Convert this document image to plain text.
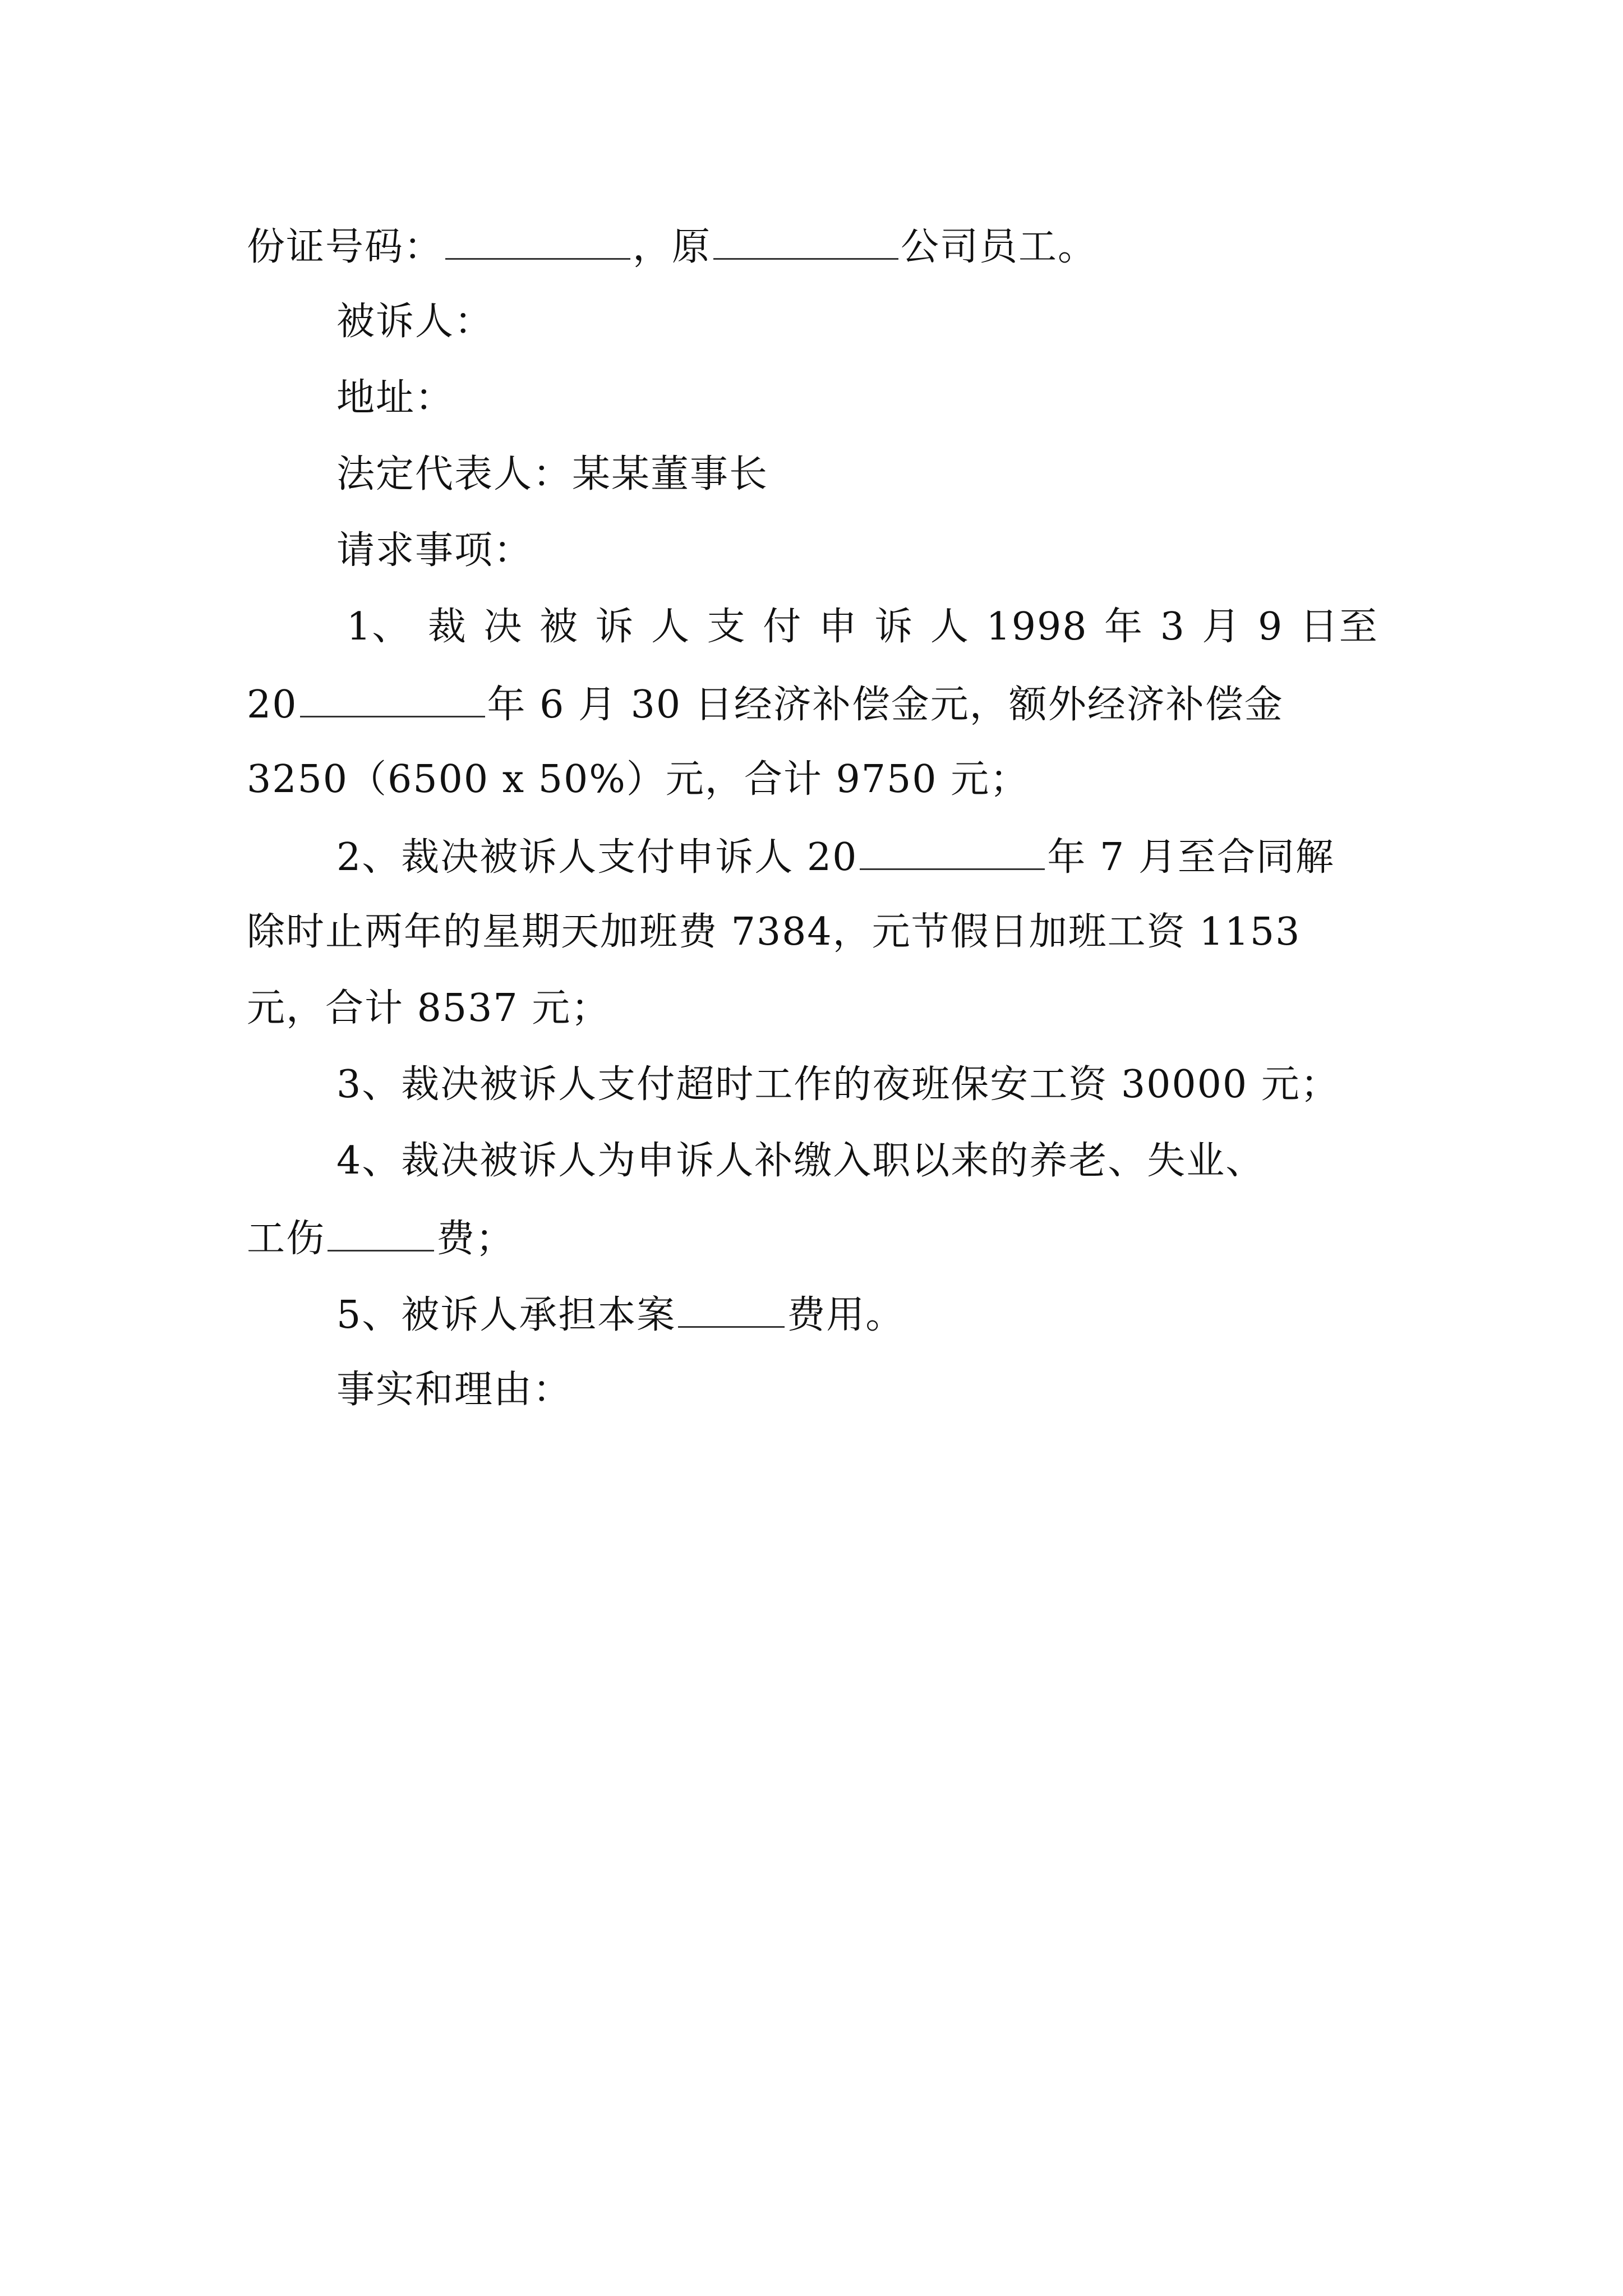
份证号码：	，原	公司员工。
被诉人：
地址：
法定代表人：某某董事长
请求事项：
1、 裁 决 被 诉 人 支 付 申 诉 人 1998 年 3 月 9 日至
20	年 6 月 30 日经济补偿金元，额外经济补偿金
3250（6500 x 50%）元，合计 9750 元；
2、裁决被诉人支付申诉人 20	年 7 月至合同解
除时止两年的星期天加班费 7384，元节假日加班工资 1153
元，合计 8537 元；
3、裁决被诉人支付超时工作的夜班保安工资 30000 元；
4、裁决被诉人为申诉人补缴入职以来的养老、失业、
工伤	费；
5、被诉人承担本案	费用。
事实和理由：
